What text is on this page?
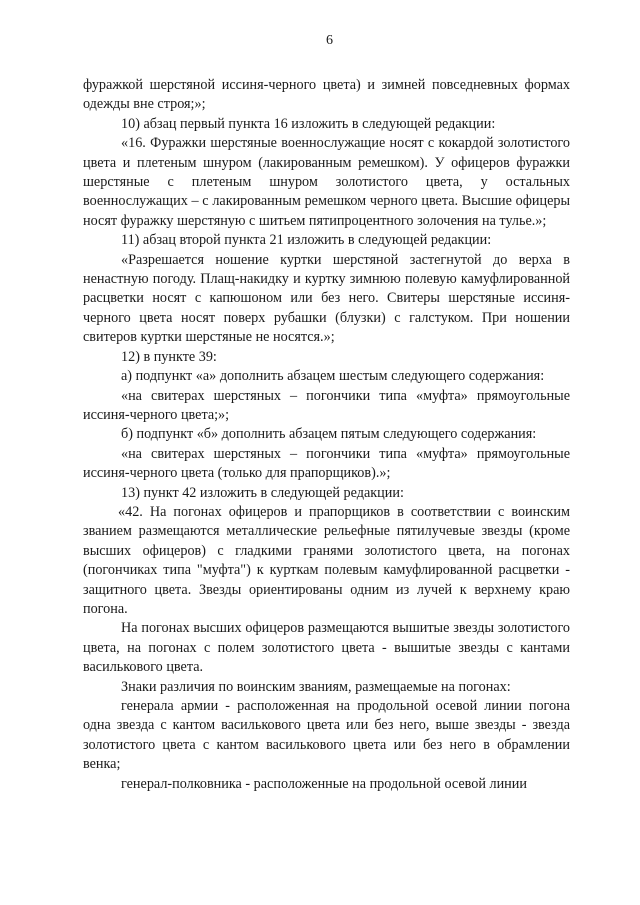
6

фуражкой шерстяной иссиня-черного цвета) и зимней повседневных формах одежды вне строя;»;

10) абзац первый пункта 16 изложить в следующей редакции:

«16. Фуражки шерстяные военнослужащие носят с кокардой золотистого цвета и плетеным шнуром (лакированным ремешком). У офицеров фуражки шерстяные с плетеным шнуром золотистого цвета, у остальных военнослужащих – с лакированным ремешком черного цвета. Высшие офицеры носят фуражку шерстяную с шитьем пятипроцентного золочения на тулье.»;

11) абзац второй пункта 21 изложить в следующей редакции:

«Разрешается ношение куртки шерстяной застегнутой до верха в ненастную погоду. Плащ-накидку и куртку зимнюю полевую камуфлированной расцветки носят с капюшоном или без него. Свитеры шерстяные иссиня-черного цвета носят поверх рубашки (блузки) с галстуком. При ношении свитеров куртки шерстяные не носятся.»;

12) в пункте 39:

а) подпункт «а» дополнить абзацем шестым следующего содержания:

«на свитерах шерстяных – погончики типа «муфта» прямоугольные иссиня-черного цвета;»;

б) подпункт «б» дополнить абзацем пятым следующего содержания:

«на свитерах шерстяных – погончики типа «муфта» прямоугольные иссиня-черного цвета (только для прапорщиков).»;

13) пункт 42 изложить в следующей редакции:

«42. На погонах офицеров и прапорщиков в соответствии с воинским званием размещаются металлические рельефные пятилучевые звезды (кроме высших офицеров) с гладкими гранями золотистого цвета, на погонах (погончиках типа "муфта") к курткам полевым камуфлированной расцветки - защитного цвета. Звезды ориентированы одним из лучей к верхнему краю погона.

На погонах высших офицеров размещаются вышитые звезды золотистого цвета, на погонах с полем золотистого цвета - вышитые звезды с кантами василькового цвета.

Знаки различия по воинским званиям, размещаемые на погонах:

генерала армии - расположенная на продольной осевой линии погона одна звезда с кантом василькового цвета или без него, выше звезды - звезда золотистого цвета с кантом василькового цвета или без него в обрамлении венка;

генерал-полковника - расположенные на продольной осевой линии
